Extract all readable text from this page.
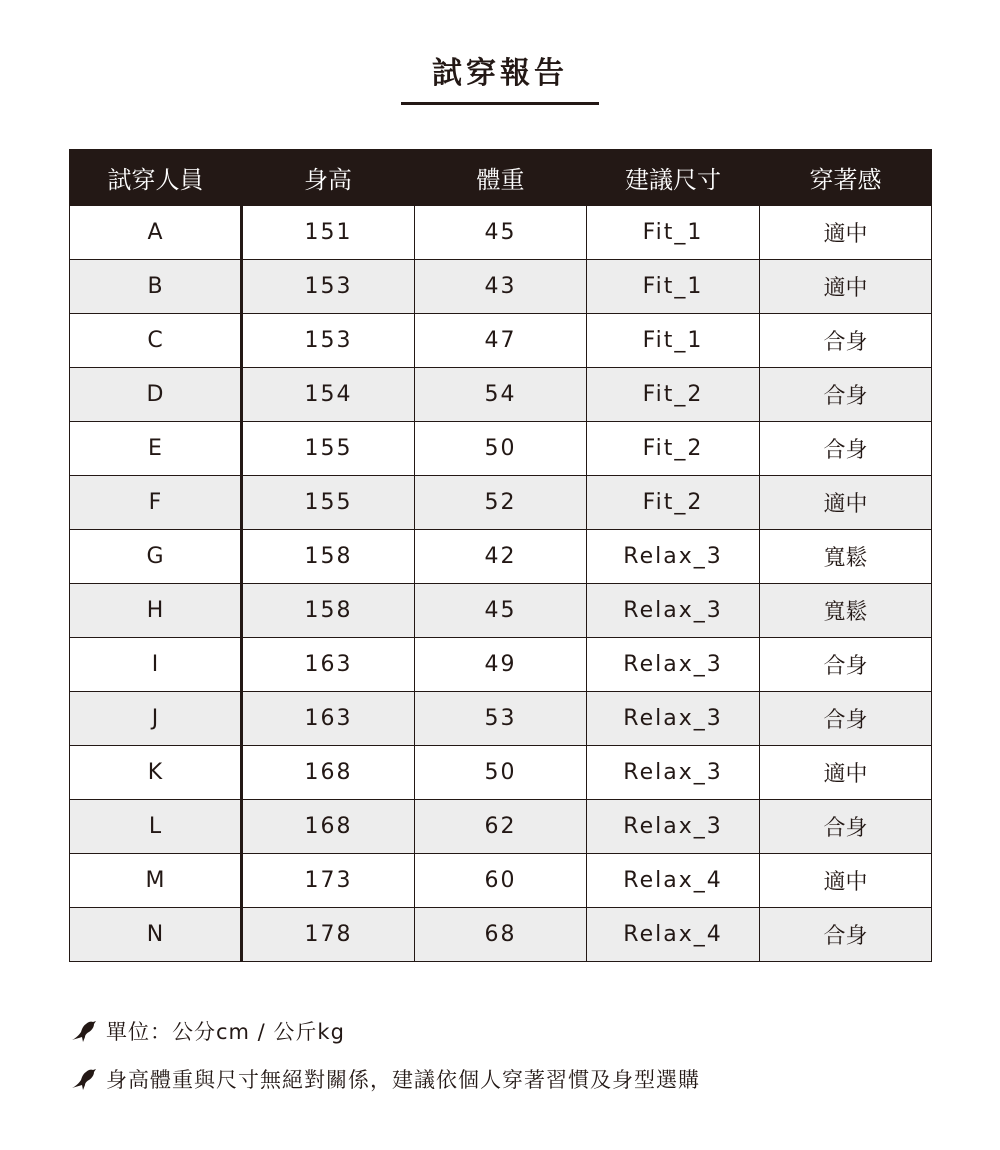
試穿報告
試穿人員	身高	體重	建議尺寸	穿著感
A	151	45	Fit_1	適中
B	153	43	Fit_1	適中
C	153	47	Fit_1	合身
D	154	54	Fit_2	合身
E	155	50	Fit_2	合身
F	155	52	Fit_2	適中
G	158	42	Relax_3	寬鬆
H	158	45	Relax_3	寬鬆
I	163	49	Relax_3	合身
J	163	53	Relax_3	合身
K	168	50	Relax_3	適中
L	168	62	Relax_3	合身
M	173	60	Relax_4	適中
N	178	68	Relax_4	合身
單位：公分cm / 公斤kg
身高體重與尺寸無絕對關係，建議依個人穿著習慣及身型選購
